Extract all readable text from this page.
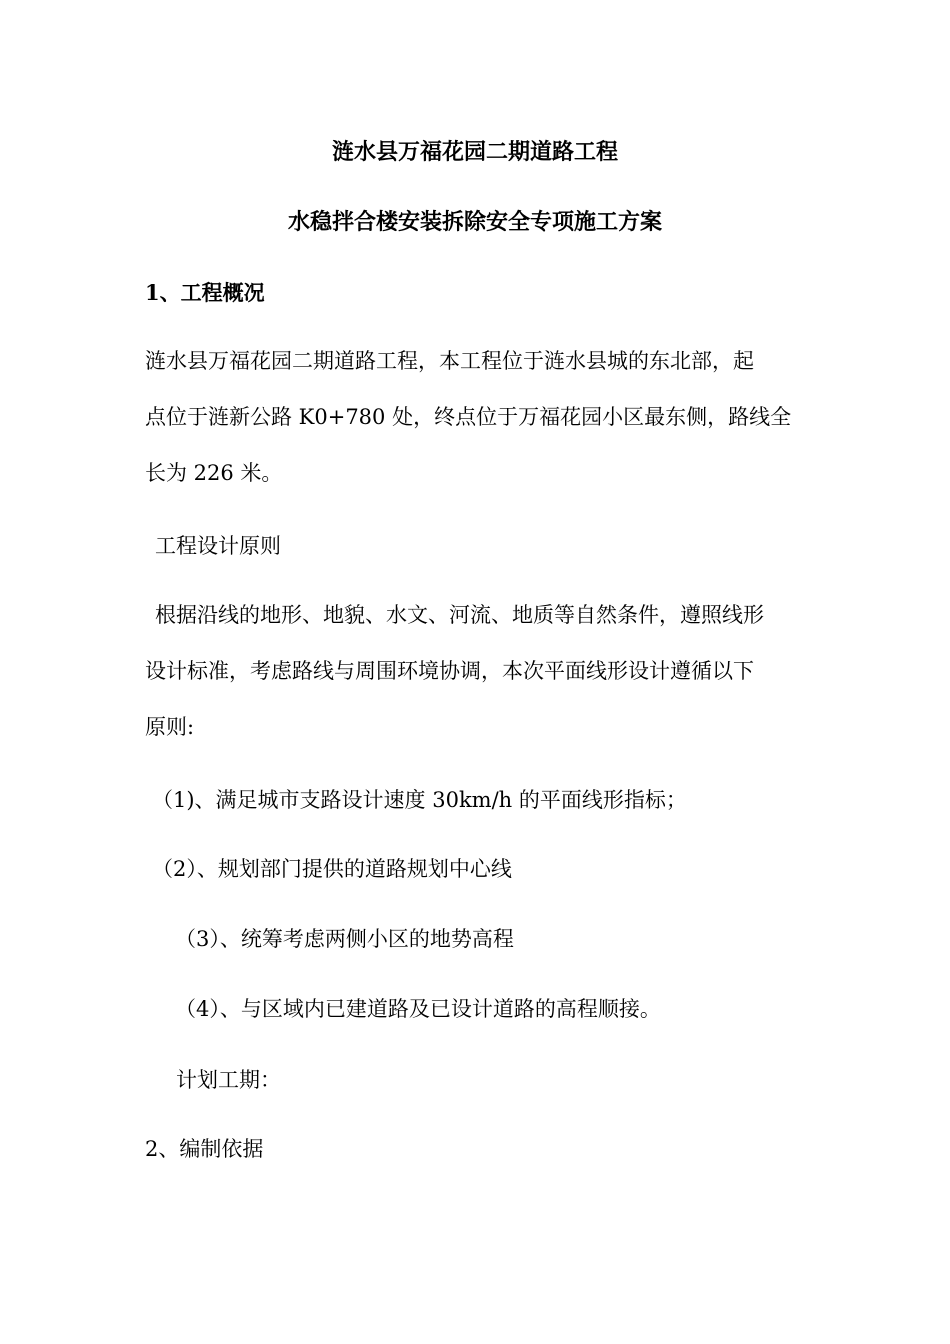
涟水县万福花园二期道路工程
水稳拌合楼安装拆除安全专项施工方案
1、工程概况
涟水县万福花园二期道路工程，本工程位于涟水县城的东北部，起
点位于涟新公路 K0+780 处，终点位于万福花园小区最东侧，路线全
长为 226 米。
工程设计原则
根据沿线的地形、地貌、水文、河流、地质等自然条件，遵照线形
设计标准，考虑路线与周围环境协调，本次平面线形设计遵循以下
原则:
（1)、满足城市支路设计速度 30km/h 的平面线形指标；
（2）、规划部门提供的道路规划中心线
（3）、统筹考虑两侧小区的地势高程
（4）、与区域内已建道路及已设计道路的高程顺接。
计划工期：
2、编制依据
